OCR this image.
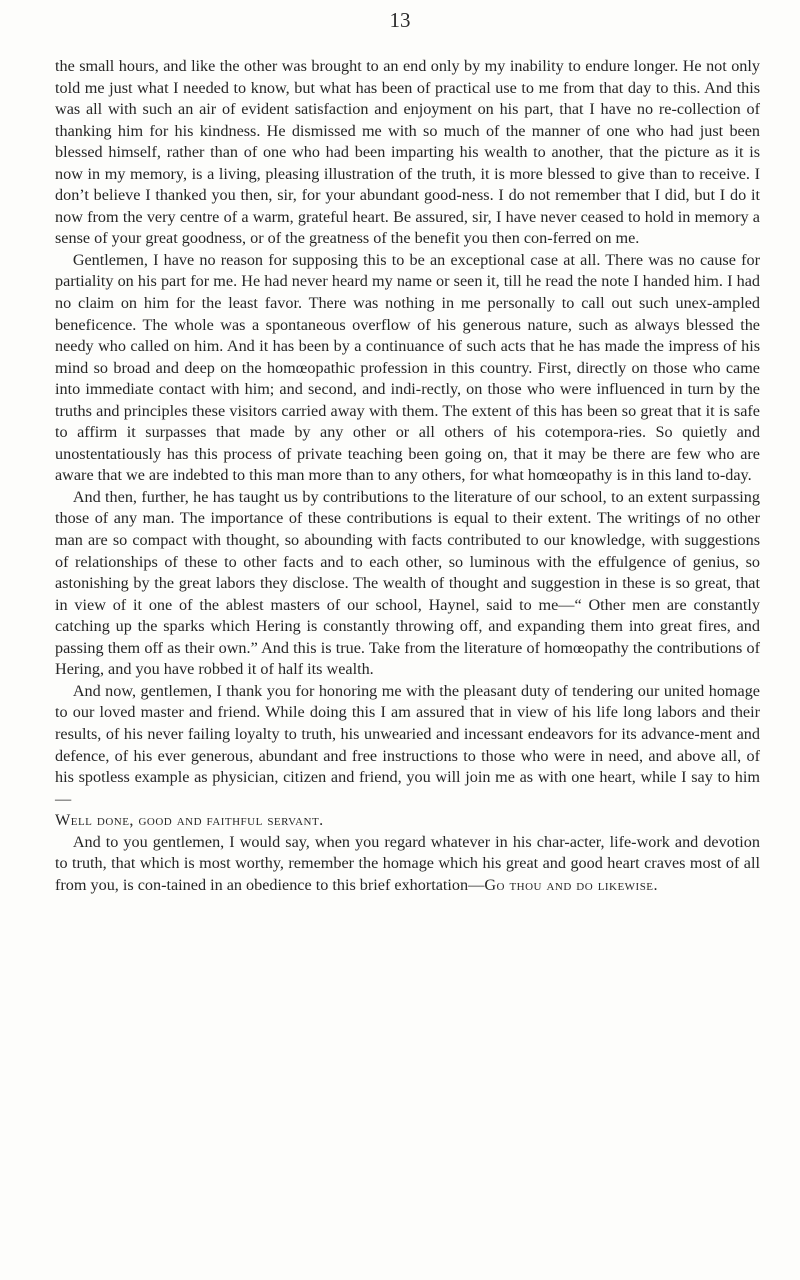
13

the small hours, and like the other was brought to an end only by my inability to endure longer. He not only told me just what I needed to know, but what has been of practical use to me from that day to this. And this was all with such an air of evident satisfaction and enjoyment on his part, that I have no re-collection of thanking him for his kindness. He dismissed me with so much of the manner of one who had just been blessed himself, rather than of one who had been imparting his wealth to another, that the picture as it is now in my memory, is a living, pleasing illustration of the truth, it is more blessed to give than to receive. I don’t believe I thanked you then, sir, for your abundant good-ness. I do not remember that I did, but I do it now from the very centre of a warm, grateful heart. Be assured, sir, I have never ceased to hold in memory a sense of your great goodness, or of the greatness of the benefit you then con-ferred on me.

Gentlemen, I have no reason for supposing this to be an exceptional case at all. There was no cause for partiality on his part for me. He had never heard my name or seen it, till he read the note I handed him. I had no claim on him for the least favor. There was nothing in me personally to call out such unex-ampled beneficence. The whole was a spontaneous overflow of his generous nature, such as always blessed the needy who called on him. And it has been by a continuance of such acts that he has made the impress of his mind so broad and deep on the homœopathic profession in this country. First, directly on those who came into immediate contact with him; and second, and indi-rectly, on those who were influenced in turn by the truths and principles these visitors carried away with them. The extent of this has been so great that it is safe to affirm it surpasses that made by any other or all others of his cotempora-ries. So quietly and unostentatiously has this process of private teaching been going on, that it may be there are few who are aware that we are indebted to this man more than to any others, for what homœopathy is in this land to-day.

And then, further, he has taught us by contributions to the literature of our school, to an extent surpassing those of any man. The importance of these contributions is equal to their extent. The writings of no other man are so compact with thought, so abounding with facts contributed to our knowledge, with suggestions of relationships of these to other facts and to each other, so luminous with the effulgence of genius, so astonishing by the great labors they disclose. The wealth of thought and suggestion in these is so great, that in view of it one of the ablest masters of our school, Haynel, said to me—“ Other men are constantly catching up the sparks which Hering is constantly throwing off, and expanding them into great fires, and passing them off as their own.” And this is true. Take from the literature of homœopathy the contributions of Hering, and you have robbed it of half its wealth.

And now, gentlemen, I thank you for honoring me with the pleasant duty of tendering our united homage to our loved master and friend. While doing this I am assured that in view of his life long labors and their results, of his never failing loyalty to truth, his unwearied and incessant endeavors for its advance-ment and defence, of his ever generous, abundant and free instructions to those who were in need, and above all, of his spotless example as physician, citizen and friend, you will join me as with one heart, while I say to him—
Well done, good and faithful servant.

And to you gentlemen, I would say, when you regard whatever in his char-acter, life-work and devotion to truth, that which is most worthy, remember the homage which his great and good heart craves most of all from you, is con-tained in an obedience to this brief exhortation—Go thou and do likewise.
